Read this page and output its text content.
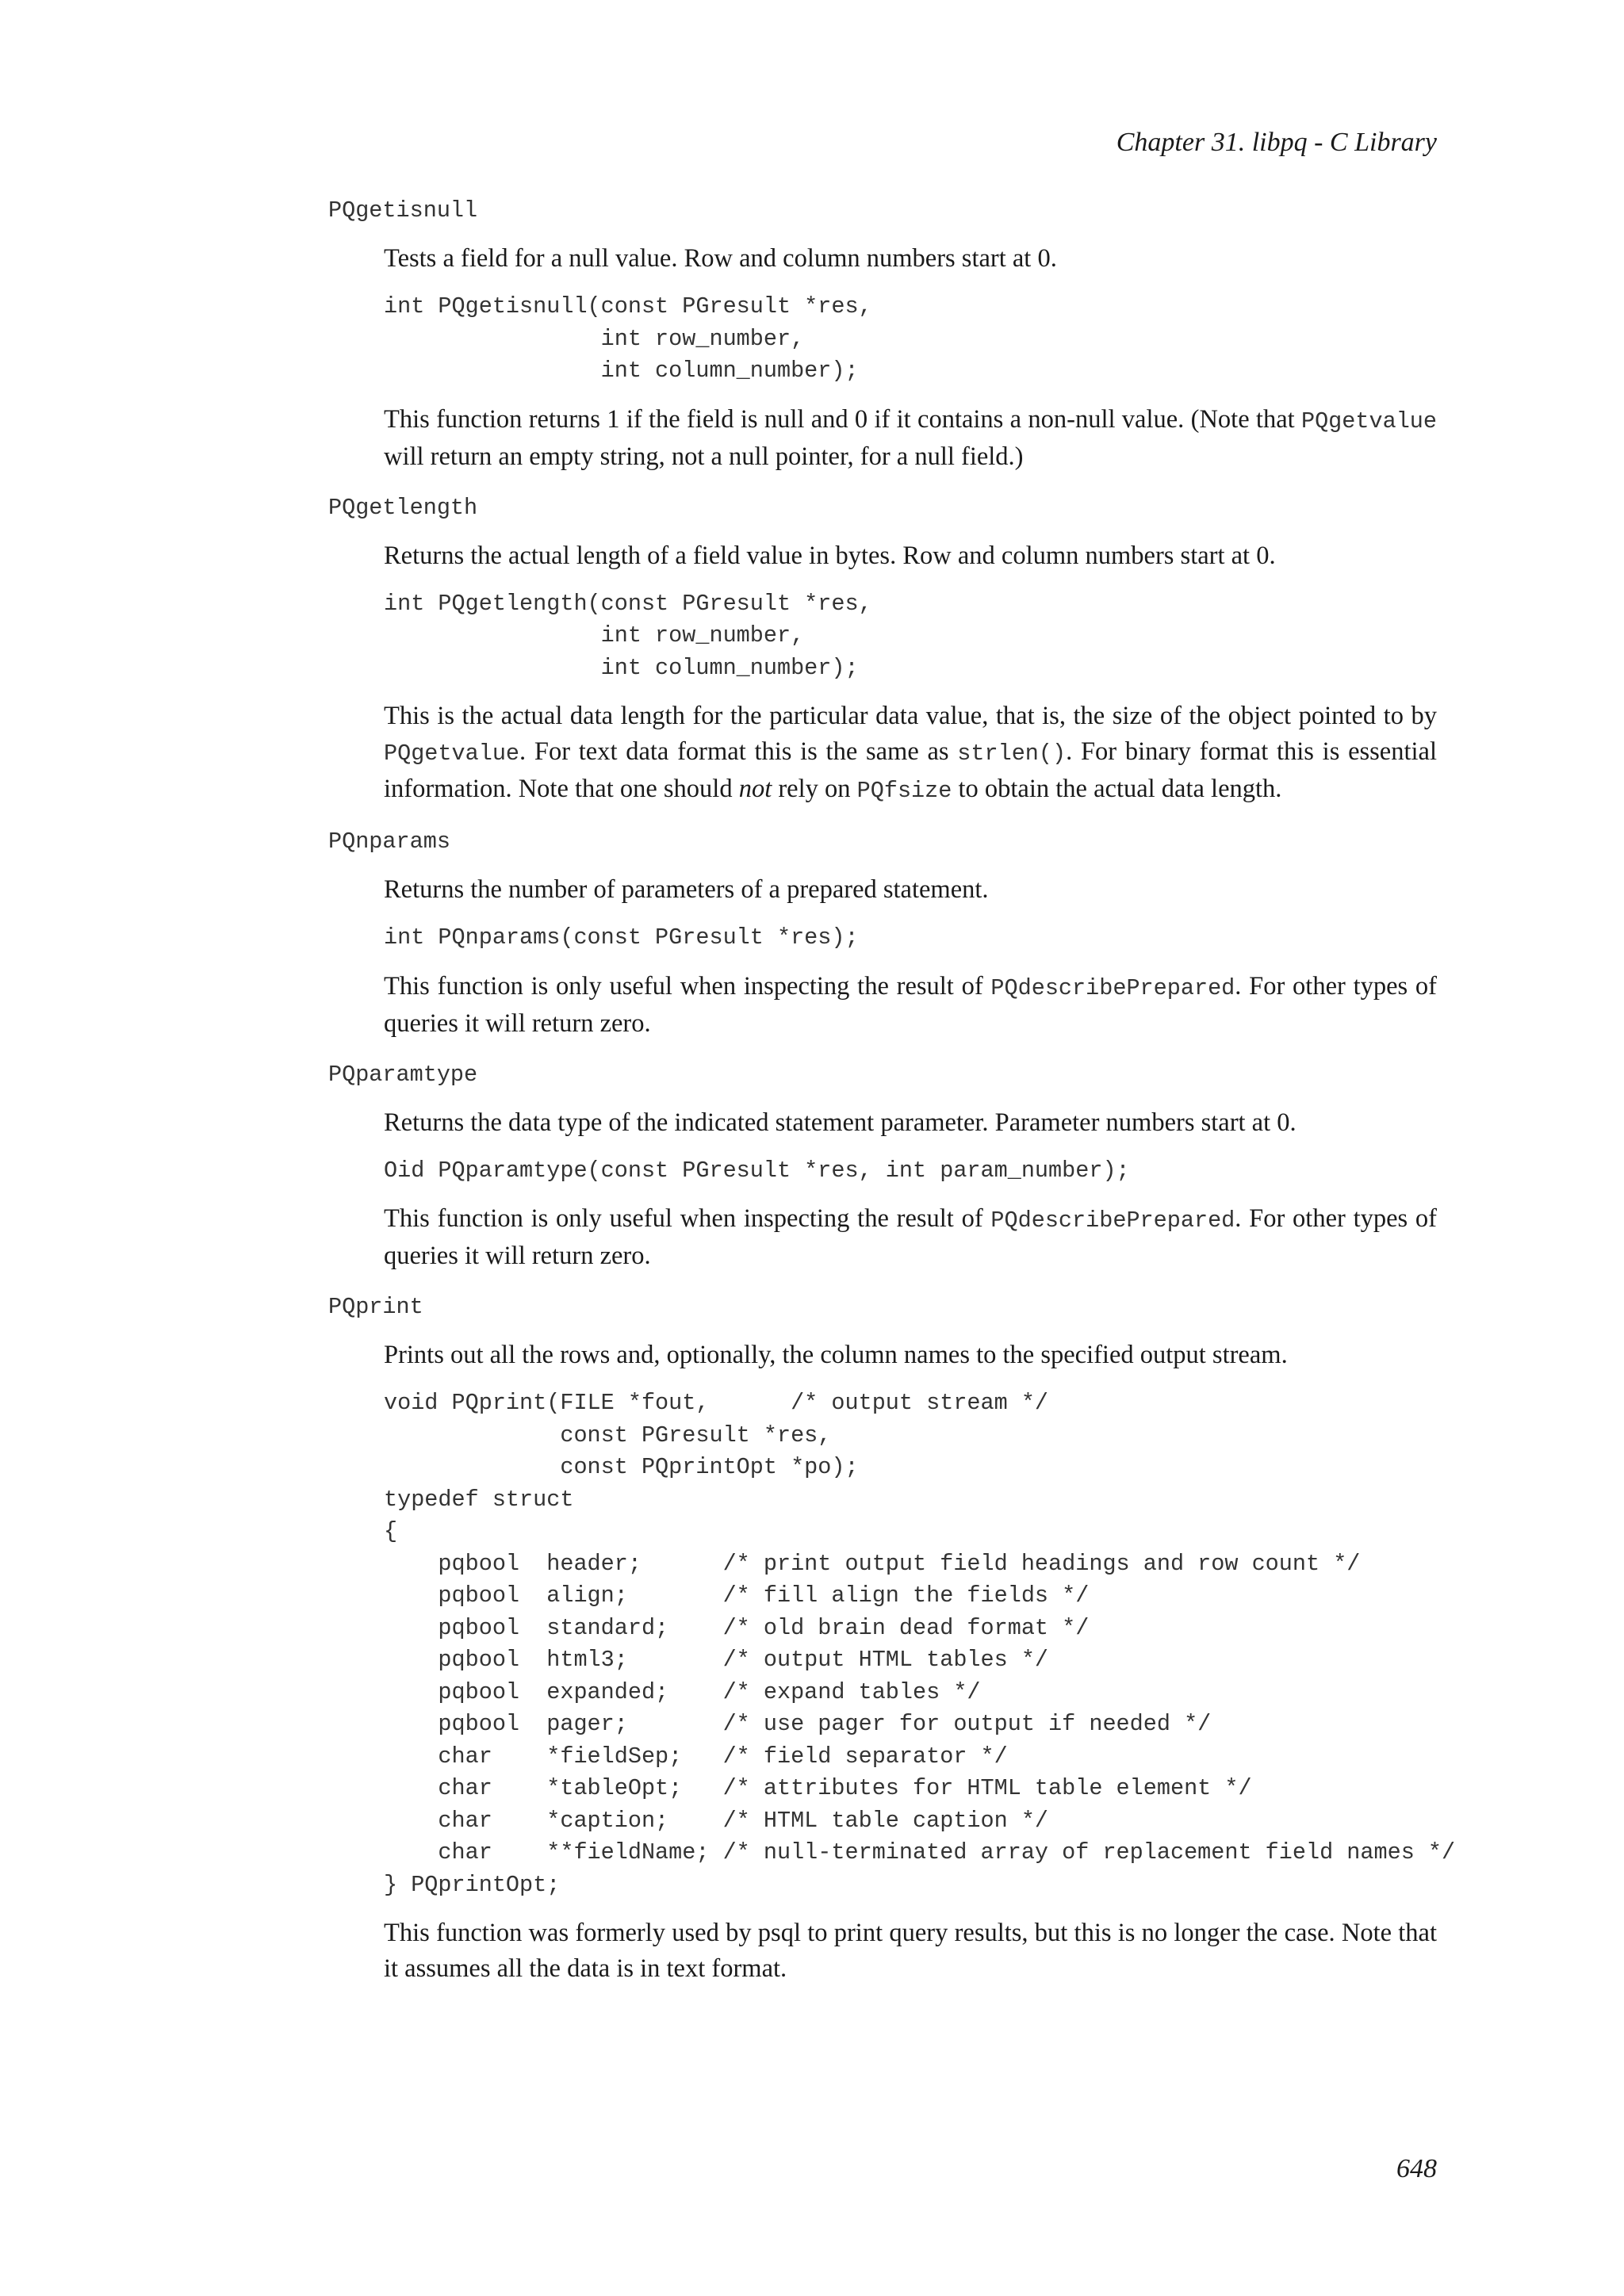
Chapter 31. libpq - C Library
PQgetisnull

Tests a field for a null value. Row and column numbers start at 0.

int PQgetisnull(const PGresult *res,
int row_number,
int column_number);

This function returns 1 if the field is null and 0 if it contains a non-null value. (Note that PQgetvalue will return an empty string, not a null pointer, for a null field.)

PQgetlength

Returns the actual length of a field value in bytes. Row and column numbers start at 0.

int PQgetlength(const PGresult *res,
int row_number,
int column_number);

This is the actual data length for the particular data value, that is, the size of the object pointed to by PQgetvalue. For text data format this is the same as strlen(). For binary format this is essential information. Note that one should not rely on PQfsize to obtain the actual data length.

PQnparams

Returns the number of parameters of a prepared statement.

int PQnparams(const PGresult *res);

This function is only useful when inspecting the result of PQdescribePrepared. For other types of queries it will return zero.

PQparamtype

Returns the data type of the indicated statement parameter. Parameter numbers start at 0.

Oid PQparamtype(const PGresult *res, int param_number);

This function is only useful when inspecting the result of PQdescribePrepared. For other types of queries it will return zero.

PQprint

Prints out all the rows and, optionally, the column names to the specified output stream.

void PQprint(FILE *fout,      /* output stream */
const PGresult *res,
const PQprintOpt *po);
typedef struct
{
pqbool  header;      /* print output field headings and row count */
pqbool  align;       /* fill align the fields */
pqbool  standard;    /* old brain dead format */
pqbool  html3;       /* output HTML tables */
pqbool  expanded;    /* expand tables */
pqbool  pager;       /* use pager for output if needed */
char    *fieldSep;   /* field separator */
char    *tableOpt;   /* attributes for HTML table element */
char    *caption;    /* HTML table caption */
char    **fieldName; /* null-terminated array of replacement field names */
} PQprintOpt;

This function was formerly used by psql to print query results, but this is no longer the case. Note that it assumes all the data is in text format.

648
